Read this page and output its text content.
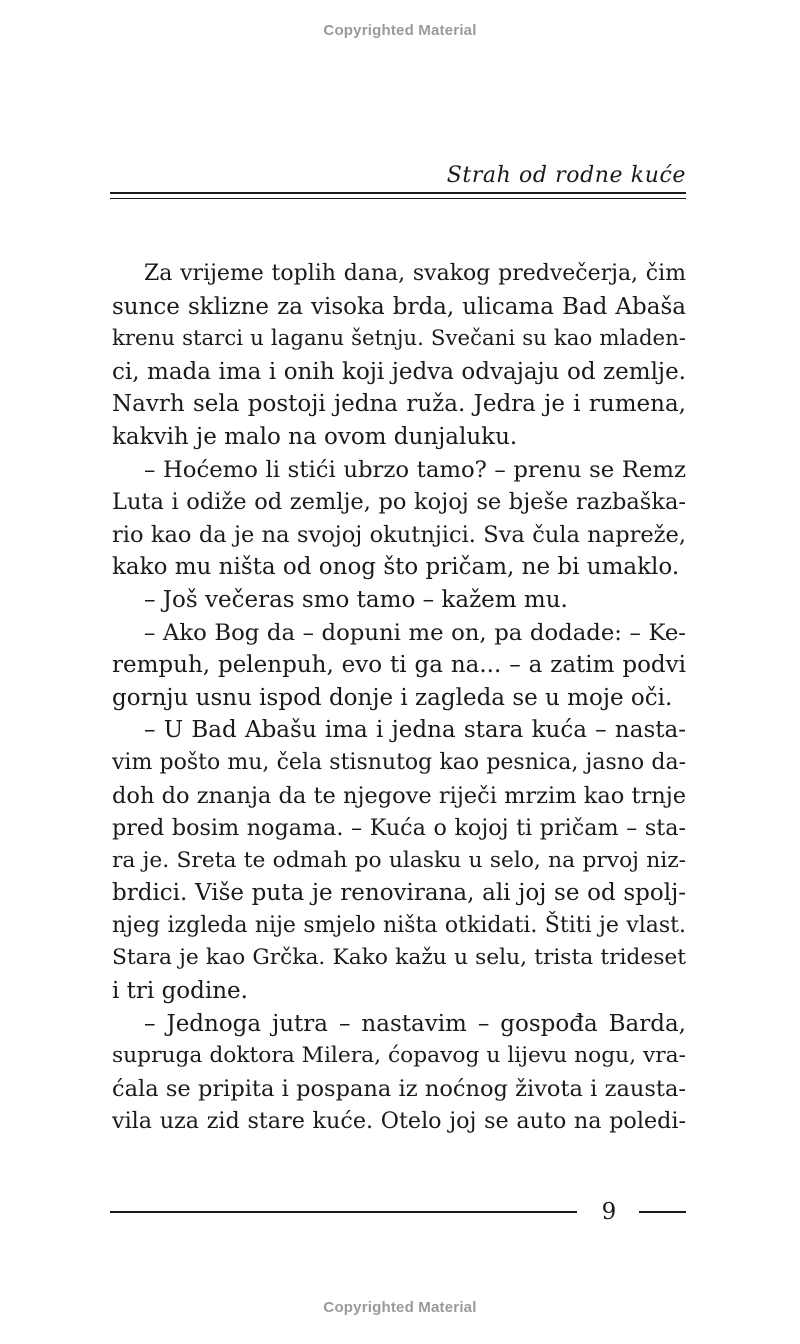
Copyrighted Material
Strah od rodne kuće
Za vrijeme toplih dana, svakog predvečerja, čim
sunce sklizne za visoka brda, ulicama Bad Abaša
krenu starci u laganu šetnju. Svečani su kao mladen-
ci, mada ima i onih koji jedva odvajaju od zemlje.
Navrh sela postoji jedna ruža. Jedra je i rumena,
kakvih je malo na ovom dunjaluku.
– Hoćemo li stići ubrzo tamo? – prenu se Remz
Luta i odiže od zemlje, po kojoj se bješe razbaška-
rio kao da je na svojoj okutnjici. Sva čula napreže,
kako mu ništa od onog što pričam, ne bi umaklo.
– Još večeras smo tamo – kažem mu.
– Ako Bog da – dopuni me on, pa dodade: – Ke-
rempuh, pelenpuh, evo ti ga na... – a zatim podvi
gornju usnu ispod donje i zagleda se u moje oči.
– U Bad Abašu ima i jedna stara kuća – nasta-
vim pošto mu, čela stisnutog kao pesnica, jasno da-
doh do znanja da te njegove riječi mrzim kao trnje
pred bosim nogama. – Kuća o kojoj ti pričam – sta-
ra je. Sreta te odmah po ulasku u selo, na prvoj niz-
brdici. Više puta je renovirana, ali joj se od spolj-
njeg izgleda nije smjelo ništa otkidati. Štiti je vlast.
Stara je kao Grčka. Kako kažu u selu, trista trideset
i tri godine.
– Jednoga jutra – nastavim – gospođa Barda,
supruga doktora Milera, ćopavog u lijevu nogu, vra-
ćala se pripita i pospana iz noćnog života i zausta-
vila uza zid stare kuće. Otelo joj se auto na poledi-
9
Copyrighted Material
